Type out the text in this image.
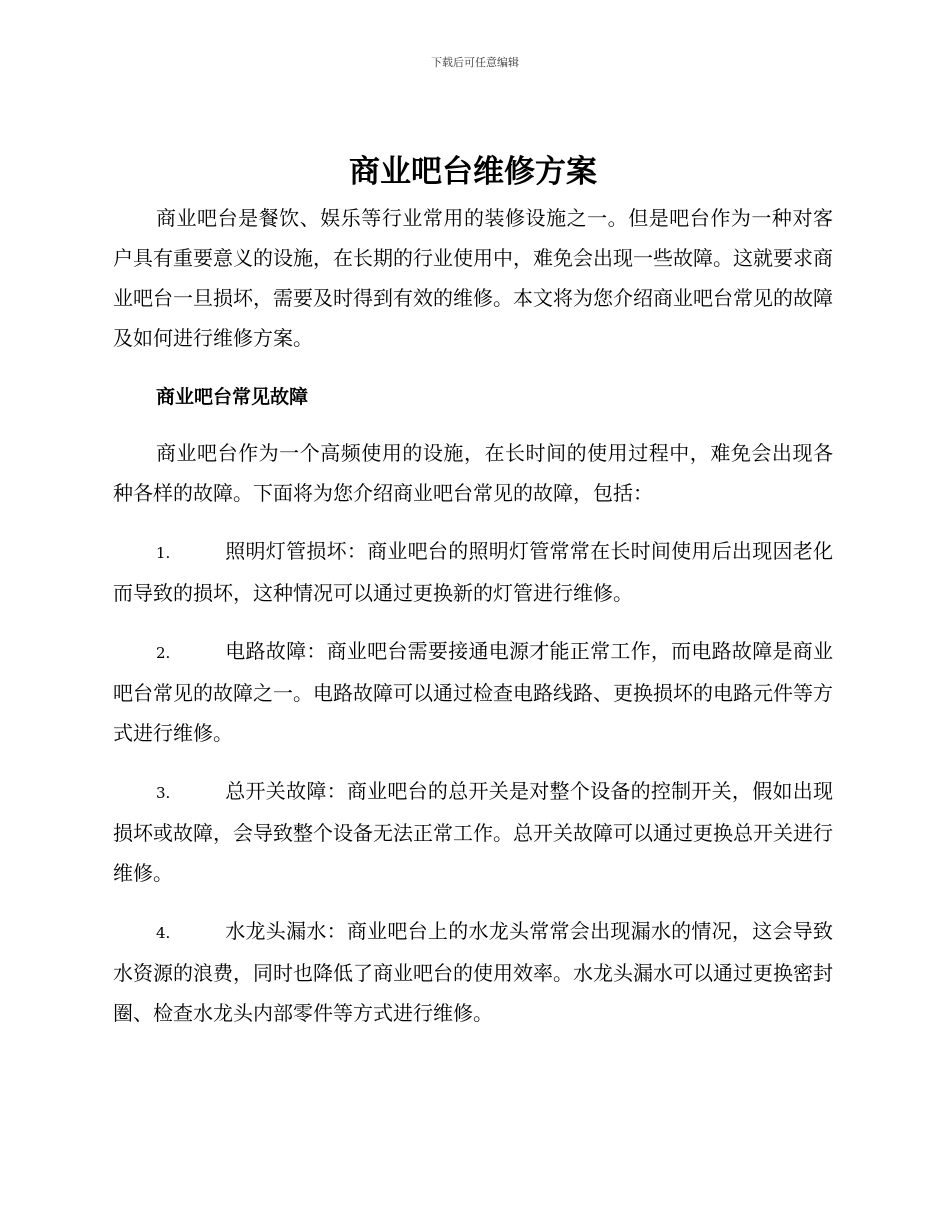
下载后可任意编辑
商业吧台维修方案

商业吧台是餐饮、娱乐等行业常用的装修设施之一。但是吧台作为一种对客户具有重要意义的设施，在长期的行业使用中，难免会出现一些故障。这就要求商业吧台一旦损坏，需要及时得到有效的维修。本文将为您介绍商业吧台常见的故障及如何进行维修方案。

商业吧台常见故障

商业吧台作为一个高频使用的设施，在长时间的使用过程中，难免会出现各种各样的故障。下面将为您介绍商业吧台常见的故障，包括：

1.	照明灯管损坏：商业吧台的照明灯管常常在长时间使用后出现因老化而导致的损坏，这种情况可以通过更换新的灯管进行维修。

2.	电路故障：商业吧台需要接通电源才能正常工作，而电路故障是商业吧台常见的故障之一。电路故障可以通过检查电路线路、更换损坏的电路元件等方式进行维修。

3.	总开关故障：商业吧台的总开关是对整个设备的控制开关，假如出现损坏或故障，会导致整个设备无法正常工作。总开关故障可以通过更换总开关进行维修。

4.	水龙头漏水：商业吧台上的水龙头常常会出现漏水的情况，这会导致水资源的浪费，同时也降低了商业吧台的使用效率。水龙头漏水可以通过更换密封圈、检查水龙头内部零件等方式进行维修。
